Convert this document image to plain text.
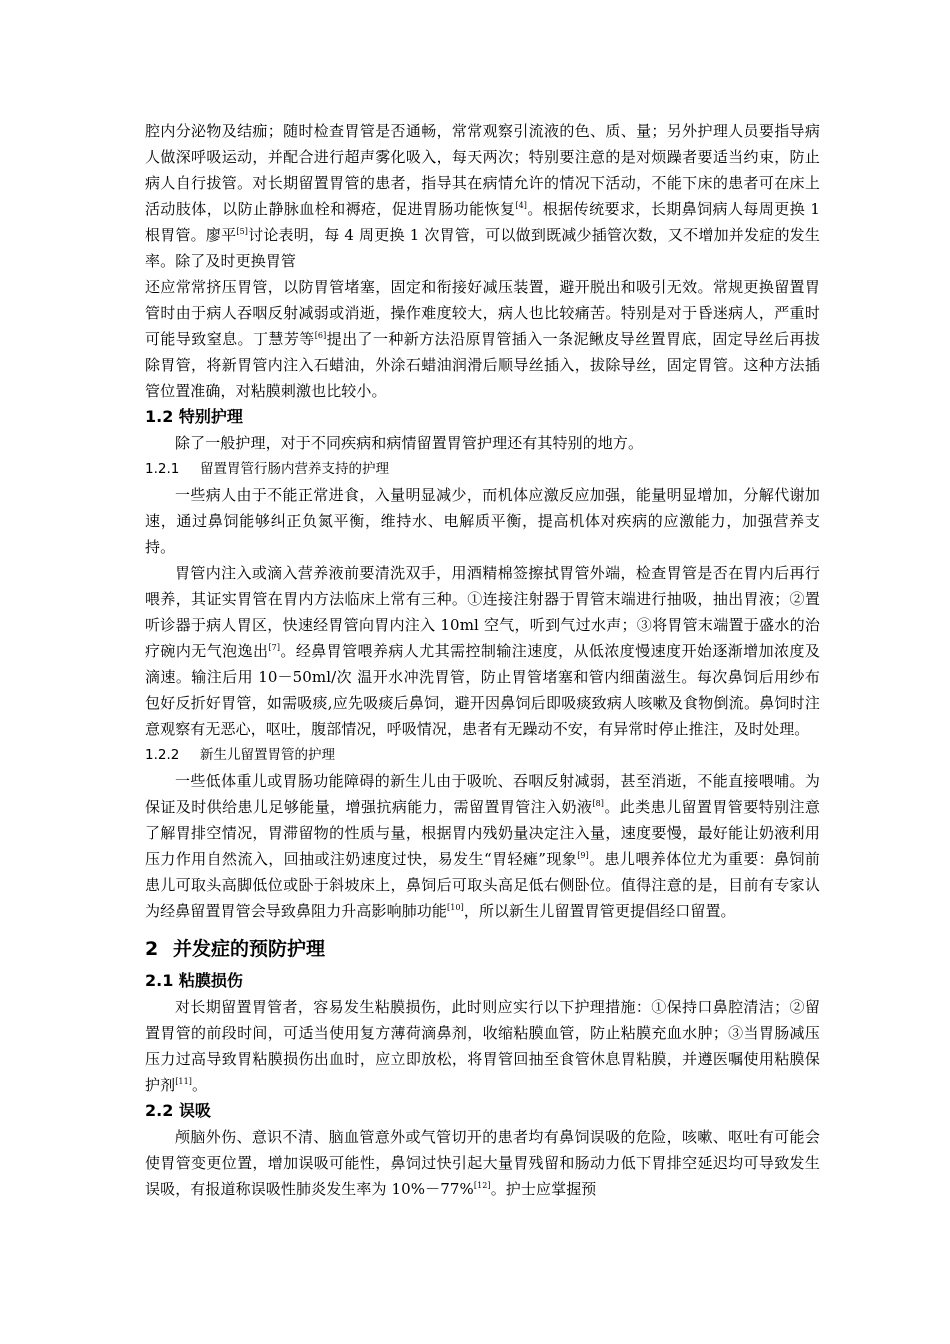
腔内分泌物及结痂；随时检查胃管是否通畅，常常观察引流液的色、质、量；另外护理人员要指导病人做深呼吸运动，并配合进行超声雾化吸入，每天两次；特别要注意的是对烦躁者要适当约束，防止病人自行拔管。对长期留置胃管的患者，指导其在病情允许的情况下活动，不能下床的患者可在床上活动肢体，以防止静脉血栓和褥疮，促进胃肠功能恢复[4]。根据传统要求，长期鼻饲病人每周更换 1 根胃管。廖平[5]讨论表明，每 4 周更换 1 次胃管，可以做到既减少插管次数，又不增加并发症的发生率。除了及时更换胃管

还应常常挤压胃管，以防胃管堵塞，固定和衔接好减压装置，避开脱出和吸引无效。常规更换留置胃管时由于病人吞咽反射减弱或消逝，操作难度较大，病人也比较痛苦。特别是对于昏迷病人，严重时可能导致窒息。丁慧芳等[6]提出了一种新方法沿原胃管插入一条泥鳅皮导丝置胃底，固定导丝后再拔除胃管，将新胃管内注入石蜡油，外涂石蜡油润滑后顺导丝插入，拔除导丝，固定胃管。这种方法插管位置准确，对粘膜刺激也比较小。

1.2 特别护理

除了一般护理，对于不同疾病和病情留置胃管护理还有其特别的地方。

1.2.1 留置胃管行肠内营养支持的护理

一些病人由于不能正常进食，入量明显减少，而机体应激反应加强，能量明显增加，分解代谢加速，通过鼻饲能够纠正负氮平衡，维持水、电解质平衡，提高机体对疾病的应激能力，加强营养支持。

胃管内注入或滴入营养液前要清洗双手，用酒精棉签擦拭胃管外端，检查胃管是否在胃内后再行喂养，其证实胃管在胃内方法临床上常有三种。①连接注射器于胃管末端进行抽吸，抽出胃液；②置听诊器于病人胃区，快速经胃管向胃内注入 10ml 空气，听到气过水声；③将胃管末端置于盛水的治疗碗内无气泡逸出[7]。经鼻胃管喂养病人尤其需控制输注速度，从低浓度慢速度开始逐渐增加浓度及滴速。输注后用 10－50ml/次 温开水冲洗胃管，防止胃管堵塞和管内细菌滋生。每次鼻饲后用纱布包好反折好胃管，如需吸痰,应先吸痰后鼻饲，避开因鼻饲后即吸痰致病人咳嗽及食物倒流。鼻饲时注意观察有无恶心，呕吐，腹部情况，呼吸情况，患者有无躁动不安，有异常时停止推注，及时处理。

1.2.2 新生儿留置胃管的护理

一些低体重儿或胃肠功能障碍的新生儿由于吸吮、吞咽反射减弱，甚至消逝，不能直接喂哺。为保证及时供给患儿足够能量，增强抗病能力，需留置胃管注入奶液[8]。此类患儿留置胃管要特别注意了解胃排空情况，胃滞留物的性质与量，根据胃内残奶量决定注入量，速度要慢，最好能让奶液利用压力作用自然流入，回抽或注奶速度过快，易发生“胃轻瘫”现象[9]。患儿喂养体位尤为重要：鼻饲前患儿可取头高脚低位或卧于斜坡床上，鼻饲后可取头高足低右侧卧位。值得注意的是，目前有专家认为经鼻留置胃管会导致鼻阻力升高影响肺功能[10]，所以新生儿留置胃管更提倡经口留置。

2 并发症的预防护理

2.1 粘膜损伤

对长期留置胃管者，容易发生粘膜损伤，此时则应实行以下护理措施：①保持口鼻腔清洁；②留置胃管的前段时间，可适当使用复方薄荷滴鼻剂，收缩粘膜血管，防止粘膜充血水肿；③当胃肠减压压力过高导致胃粘膜损伤出血时，应立即放松，将胃管回抽至食管休息胃粘膜，并遵医嘱使用粘膜保护剂[11]。

2.2 误吸

颅脑外伤、意识不清、脑血管意外或气管切开的患者均有鼻饲误吸的危险，咳嗽、呕吐有可能会使胃管变更位置，增加误吸可能性，鼻饲过快引起大量胃残留和肠动力低下胃排空延迟均可导致发生误吸，有报道称误吸性肺炎发生率为 10%－77%[12]。护士应掌握预
